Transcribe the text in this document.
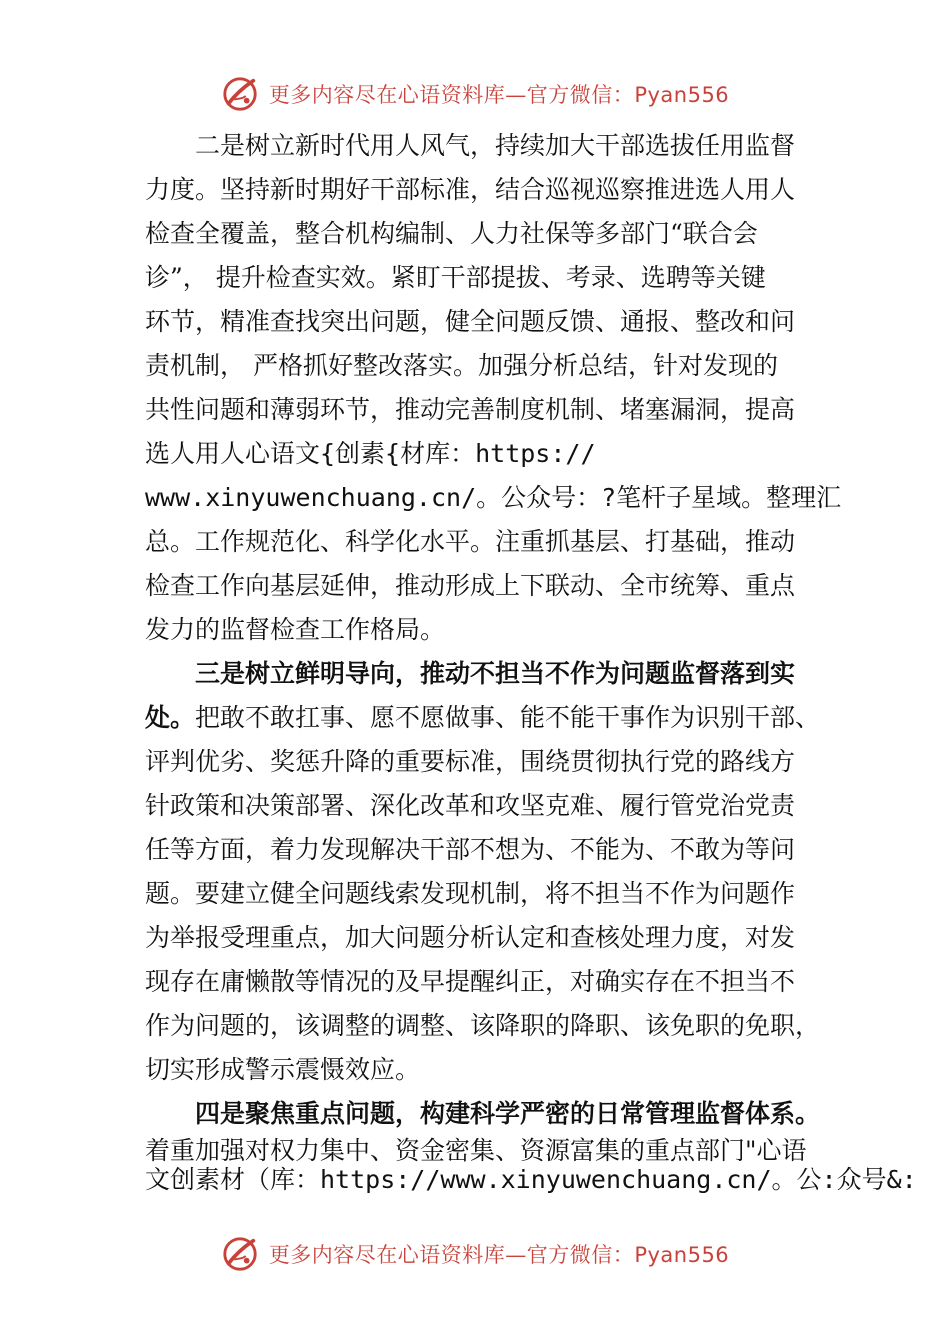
更多内容尽在心语资料库—官方微信：Pyan556
二是树立新时代用人风气，持续加大干部选拔任用监督
力度。坚持新时期好干部标准，结合巡视巡察推进选人用人
检查全覆盖，整合机构编制、人力社保等多部门“联合会
诊”， 提升检查实效。紧盯干部提拔、考录、选聘等关键
环节，精准查找突出问题，健全问题反馈、通报、整改和问
责机制， 严格抓好整改落实。加强分析总结，针对发现的
共性问题和薄弱环节，推动完善制度机制、堵塞漏洞，提高
选人用人心语文{创素{材库：https://
www.xinyuwenchuang.cn/。公众号：?笔杆子星域。整理汇
总。工作规范化、科学化水平。注重抓基层、打基础，推动
检查工作向基层延伸，推动形成上下联动、全市统筹、重点
发力的监督检查工作格局。
三是树立鲜明导向，推动不担当不作为问题监督落到实
处。把敢不敢扛事、愿不愿做事、能不能干事作为识别干部、
评判优劣、奖惩升降的重要标准，围绕贯彻执行党的路线方
针政策和决策部署、深化改革和攻坚克难、履行管党治党责
任等方面，着力发现解决干部不想为、不能为、不敢为等问
题。要建立健全问题线索发现机制，将不担当不作为问题作
为举报受理重点，加大问题分析认定和查核处理力度，对发
现存在庸懒散等情况的及早提醒纠正，对确实存在不担当不
作为问题的，该调整的调整、该降职的降职、该免职的免职，
切实形成警示震慑效应。
四是聚焦重点问题，构建科学严密的日常管理监督体系。
着重加强对权力集中、资金密集、资源富集的重点部门"心语
文创素材（库：https://www.xinyuwenchuang.cn/。公:众号&:
更多内容尽在心语资料库—官方微信：Pyan556
